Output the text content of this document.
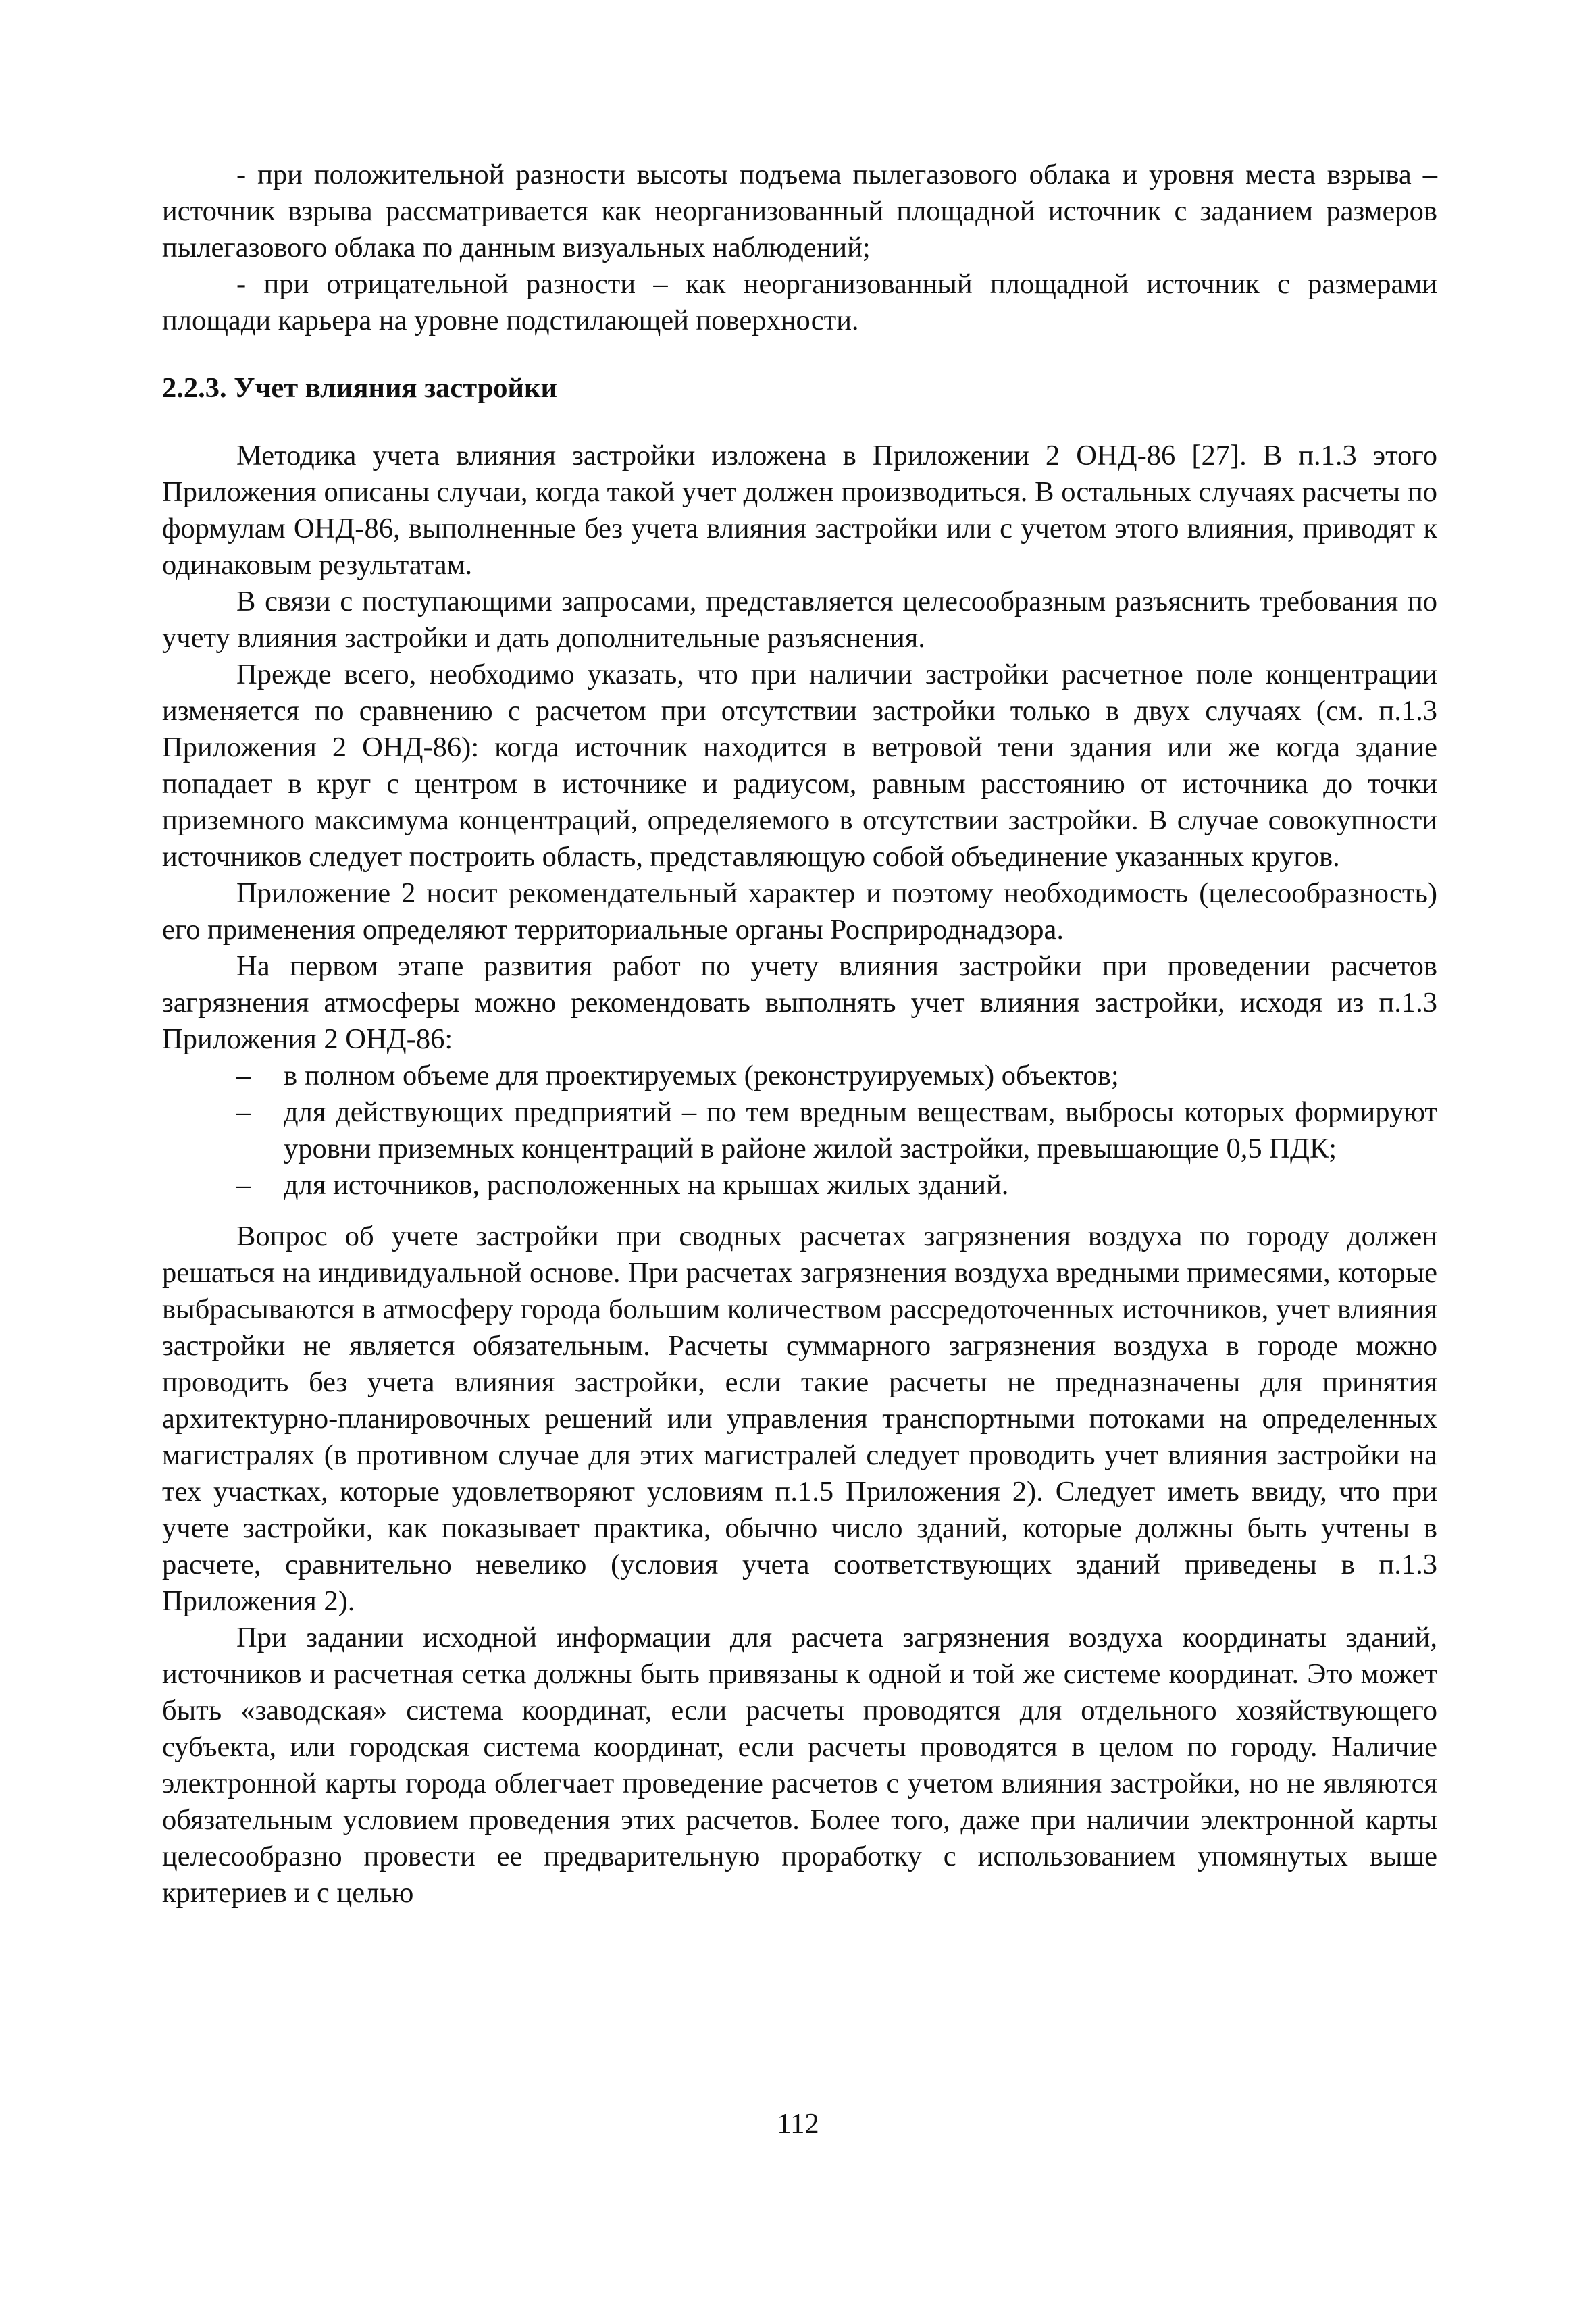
- при положительной разности высоты подъема пылегазового облака и уровня места взрыва – источник взрыва рассматривается как неорганизованный площадной источник с заданием размеров пылегазового облака по данным визуальных наблюдений;

- при отрицательной разности – как неорганизованный площадной источник с размерами площади карьера на уровне подстилающей поверхности.

2.2.3. Учет влияния застройки

Методика учета влияния застройки изложена в Приложении 2 ОНД-86 [27]. В п.1.3 этого Приложения описаны случаи, когда такой учет должен производиться. В остальных случаях расчеты по формулам ОНД-86, выполненные без учета влияния застройки или с учетом этого влияния, приводят к одинаковым результатам.

В связи с поступающими запросами, представляется целесообразным разъяснить требования по учету влияния застройки и дать дополнительные разъяснения.

Прежде всего, необходимо указать, что при наличии застройки расчетное поле концентрации изменяется по сравнению с расчетом при отсутствии застройки только в двух случаях (см. п.1.3 Приложения 2 ОНД-86): когда источник находится в ветровой тени здания или же когда здание попадает в круг с центром в источнике и радиусом, равным расстоянию от источника до точки приземного максимума концентраций, определяемого в отсутствии застройки. В случае совокупности источников следует построить область, представляющую собой объединение указанных кругов.

Приложение 2 носит рекомендательный характер и поэтому необходимость (целесообразность) его применения определяют территориальные органы Росприроднадзора.

На первом этапе развития работ по учету влияния застройки при проведении расчетов загрязнения атмосферы можно рекомендовать выполнять учет влияния застройки, исходя из п.1.3 Приложения 2 ОНД-86:

– в полном объеме для проектируемых (реконструируемых) объектов;
– для действующих предприятий – по тем вредным веществам, выбросы которых формируют уровни приземных концентраций в районе жилой застройки, превышающие 0,5 ПДК;
– для источников, расположенных на крышах жилых зданий.

Вопрос об учете застройки при сводных расчетах загрязнения воздуха по городу должен решаться на индивидуальной основе. При расчетах загрязнения воздуха вредными примесями, которые выбрасываются в атмосферу города большим количеством рассредоточенных источников, учет влияния застройки не является обязательным. Расчеты суммарного загрязнения воздуха в городе можно проводить без учета влияния застройки, если такие расчеты не предназначены для принятия архитектурно-планировочных решений или управления транспортными потоками на определенных магистралях (в противном случае для этих магистралей следует проводить учет влияния застройки на тех участках, которые удовлетворяют условиям п.1.5 Приложения 2). Следует иметь ввиду, что при учете застройки, как показывает практика, обычно число зданий, которые должны быть учтены в расчете, сравнительно невелико (условия учета соответствующих зданий приведены в п.1.3 Приложения 2).

При задании исходной информации для расчета загрязнения воздуха координаты зданий, источников и расчетная сетка должны быть привязаны к одной и той же системе координат. Это может быть «заводская» система координат, если расчеты проводятся для отдельного хозяйствующего субъекта, или городская система координат, если расчеты проводятся в целом по городу. Наличие электронной карты города облегчает проведение расчетов с учетом влияния застройки, но не являются обязательным условием проведения этих расчетов. Более того, даже при наличии электронной карты целесообразно провести ее предварительную проработку с использованием упомянутых выше критериев и с целью

112
